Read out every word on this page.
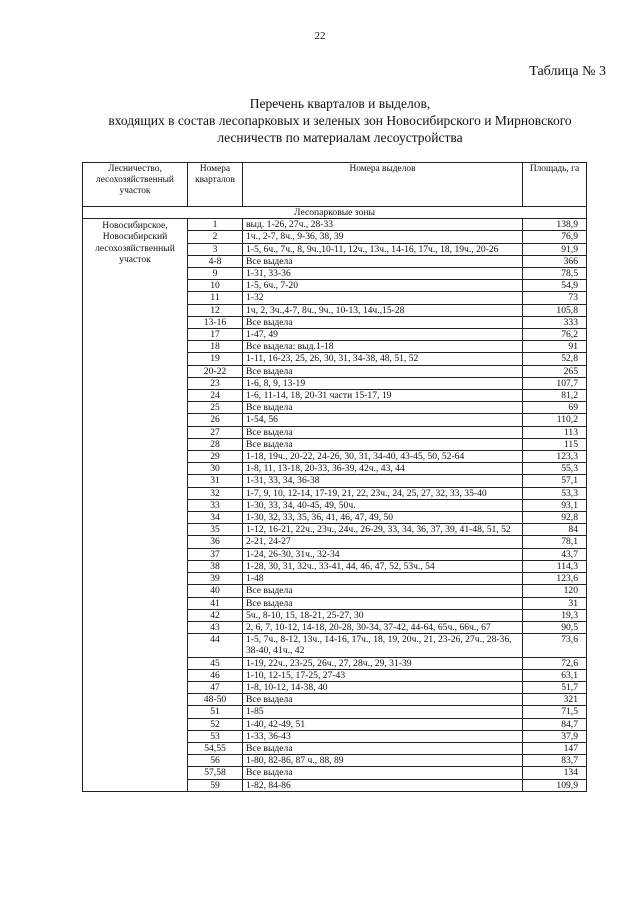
22
Таблица № 3
Перечень кварталов и выделов,
входящих в состав лесопарковых и зеленых зон Новосибирского и Мирновского
лесничеств по материалам лесоустройства
Лесничество, лесохозяйственный участок	Номера кварталов	Номера выделов	Площадь, га
Лесопарковые зоны			
Новосибирское, Новосибирский лесохозяйственный участок	1	выд. 1-26, 27ч., 28-33	138,9
	2	1ч., 2-7, 8ч., 9-36, 38, 39	76,9
	3	1-5, 6ч., 7ч., 8, 9ч.,10-11, 12ч., 13ч., 14-16, 17ч., 18, 19ч., 20-26	91,9
	4-8	Все выдела	366
	9	1-31, 33-36	78,5
	10	1-5, 6ч., 7-20	54,9
	11	1-32	73
	12	1ч, 2, 3ч.,4-7, 8ч., 9ч., 10-13, 14ч.,15-28	105,8
	13-16	Все выдела	333
	17	1-47, 49	76,2
	18	Все выдела: выд.1-18	91
	19	1-11, 16-23, 25, 26, 30, 31, 34-38, 48, 51, 52	52,8
	20-22	Все выдела	265
	23	1-6, 8, 9, 13-19	107,7
	24	1-6, 11-14, 18, 20-31 части 15-17, 19	81,2
	25	Все выдела	69
	26	1-54, 56	110,2
	27	Все выдела	113
	28	Все выдела	115
	29	1-18, 19ч., 20-22, 24-26, 30, 31, 34-40, 43-45, 50, 52-64	123,3
	30	1-8, 11, 13-18, 20-33, 36-39, 42ч., 43, 44	55,3
	31	1-31, 33, 34, 36-38	57,1
	32	1-7, 9, 10, 12-14, 17-19, 21, 22, 23ч., 24, 25, 27, 32, 33, 35-40	53,3
	33	1-30, 33, 34, 40-45, 49, 50ч.	93,1
	34	1-30, 32, 33, 35, 36, 41, 46, 47, 49, 50	92,8
	35	1-12, 16-21, 22ч., 23ч., 24ч., 26-29, 33, 34, 36, 37, 39, 41-48, 51, 52	84
	36	2-21, 24-27	78,1
	37	1-24, 26-30, 31ч., 32-34	43,7
	38	1-28, 30, 31, 32ч., 33-41, 44, 46, 47, 52, 53ч., 54	114,3
	39	1-48	123,6
	40	Все выдела	120
	41	Все выдела	31
	42	5ч., 8-10, 15, 18-21, 25-27, 30	19,3
	43	2, 6, 7, 10-12, 14-18, 20-28, 30-34, 37-42, 44-64, 65ч., 66ч., 67	90,5
	44	1-5, 7ч., 8-12, 13ч., 14-16, 17ч., 18, 19, 20ч., 21, 23-26, 27ч., 28-36, 38-40, 41ч., 42	73,6
	45	1-19, 22ч., 23-25, 26ч., 27, 28ч., 29, 31-39	72,6
	46	1-10, 12-15, 17-25, 27-43	63,1
	47	1-8, 10-12, 14-38, 40	51,7
	48-50	Все выдела	321
	51	1-85	71,5
	52	1-40, 42-49, 51	84,7
	53	1-33, 36-43	37,9
	54,55	Все выдела	147
	56	1-80, 82-86, 87 ч., 88, 89	83,7
	57,58	Все выдела	134
	59	1-82, 84-86	109,9
